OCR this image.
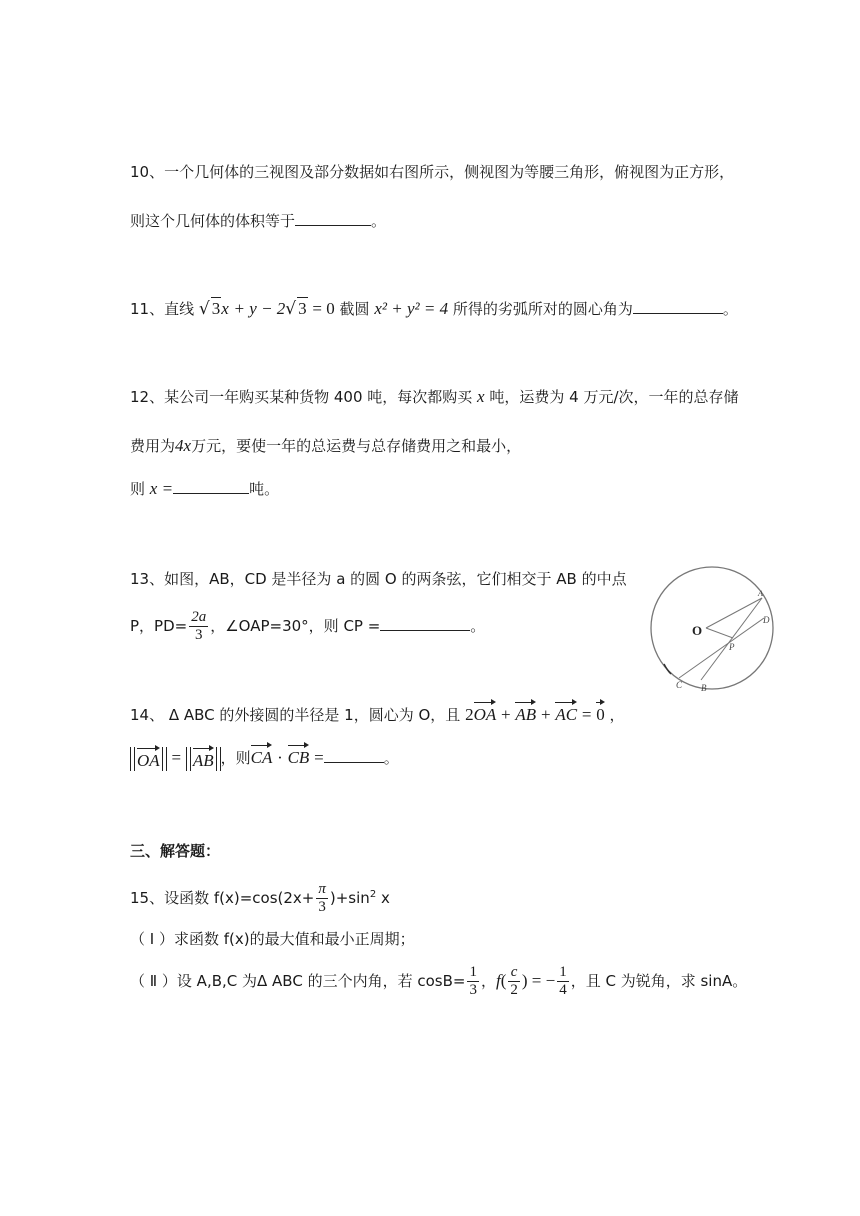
10、一个几何体的三视图及部分数据如右图所示，侧视图为等腰三角形，俯视图为正方形，
则这个几何体的体积等于	。
11、直线 √ 3x + y − 2√ 3 = 0 截圆 x² + y² = 4 所得的劣弧所对的圆心角为	。
12、某公司一年购买某种货物 400 吨，每次都购买 x 吨，运费为 4 万元/次，一年的总存储
费用为4x万元，要使一年的总运费与总存储费用之和最小，
则 x =	吨。
13、如图，AB，CD 是半径为 a 的圆 O 的两条弦，它们相交于 AB 的中点
P，$PD= \frac{2a}{3}$ ，∠OAP=30°，则 CP =	。	O
A
D
P
C B
14、 Δ ABC 的外接圆的半径是 1，圆心为 O，且 2OA + AB + AC = 0 ，
OA = AB ，则CA · CB =	。
三、解答题：
15、设函数 $f(x)=\cos(2x+ \frac{\pi}{3} )+\sin^2$ x
（ Ⅰ ）求函数 f(x)的最大值和最小正周期；
（ Ⅱ ）设 A,B,C 为Δ ABC 的三个内角，若 $\cos B= \frac{1}{3}$ ，$f( \frac{c}{2}$ ) = − $\frac{1}{4}$ ，且 C 为锐角，求 sinA。
